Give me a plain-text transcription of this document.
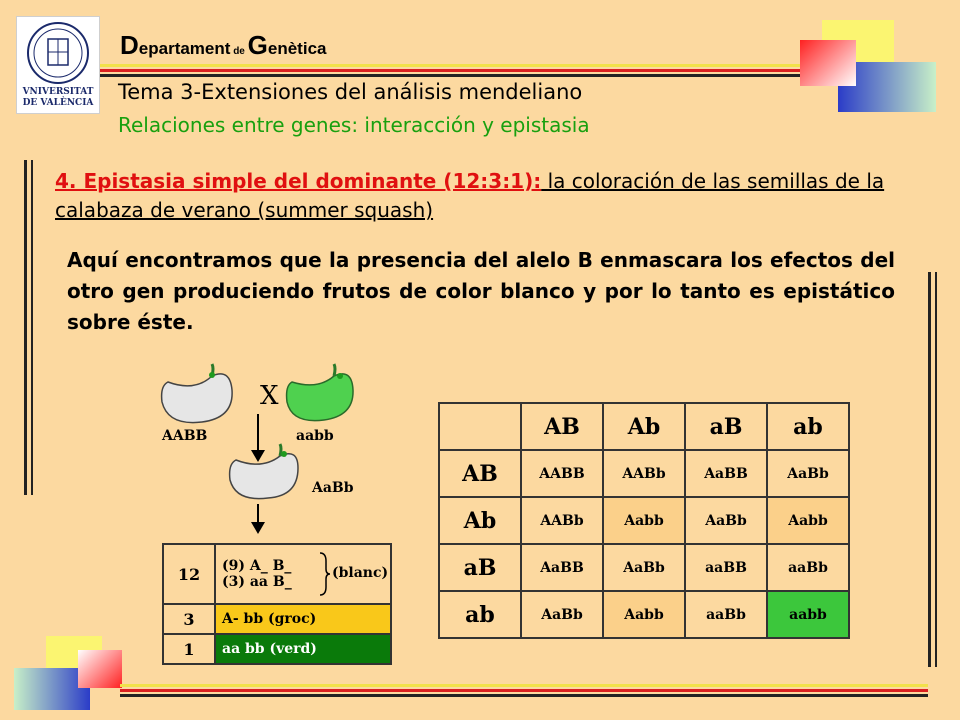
VNIVERSITAT
DE VALÈNCIA
Departament de Genètica
Tema 3-Extensiones del análisis mendeliano
Relaciones entre genes: interacción y epistasia
4. Epistasia simple del dominante (12:3:1): la coloración de las semillas de la calabaza de verano (summer squash)
Aquí encontramos que la presencia del alelo B enmascara los efectos del otro gen produciendo frutos de color blanco y por lo tanto es epistático sobre éste.
X
AABB	aabb
AaBb
12	(9) A_ B_
(3) aa B_
(blanc)

3	A- bb (groc)
1	aa bb (verd)
	AB	Ab	aB	ab
AB	AABB	AABb	AaBB	AaBb
Ab	AABb	Aabb	AaBb	Aabb
aB	AaBB	AaBb	aaBB	aaBb
ab	AaBb	Aabb	aaBb	aabb
